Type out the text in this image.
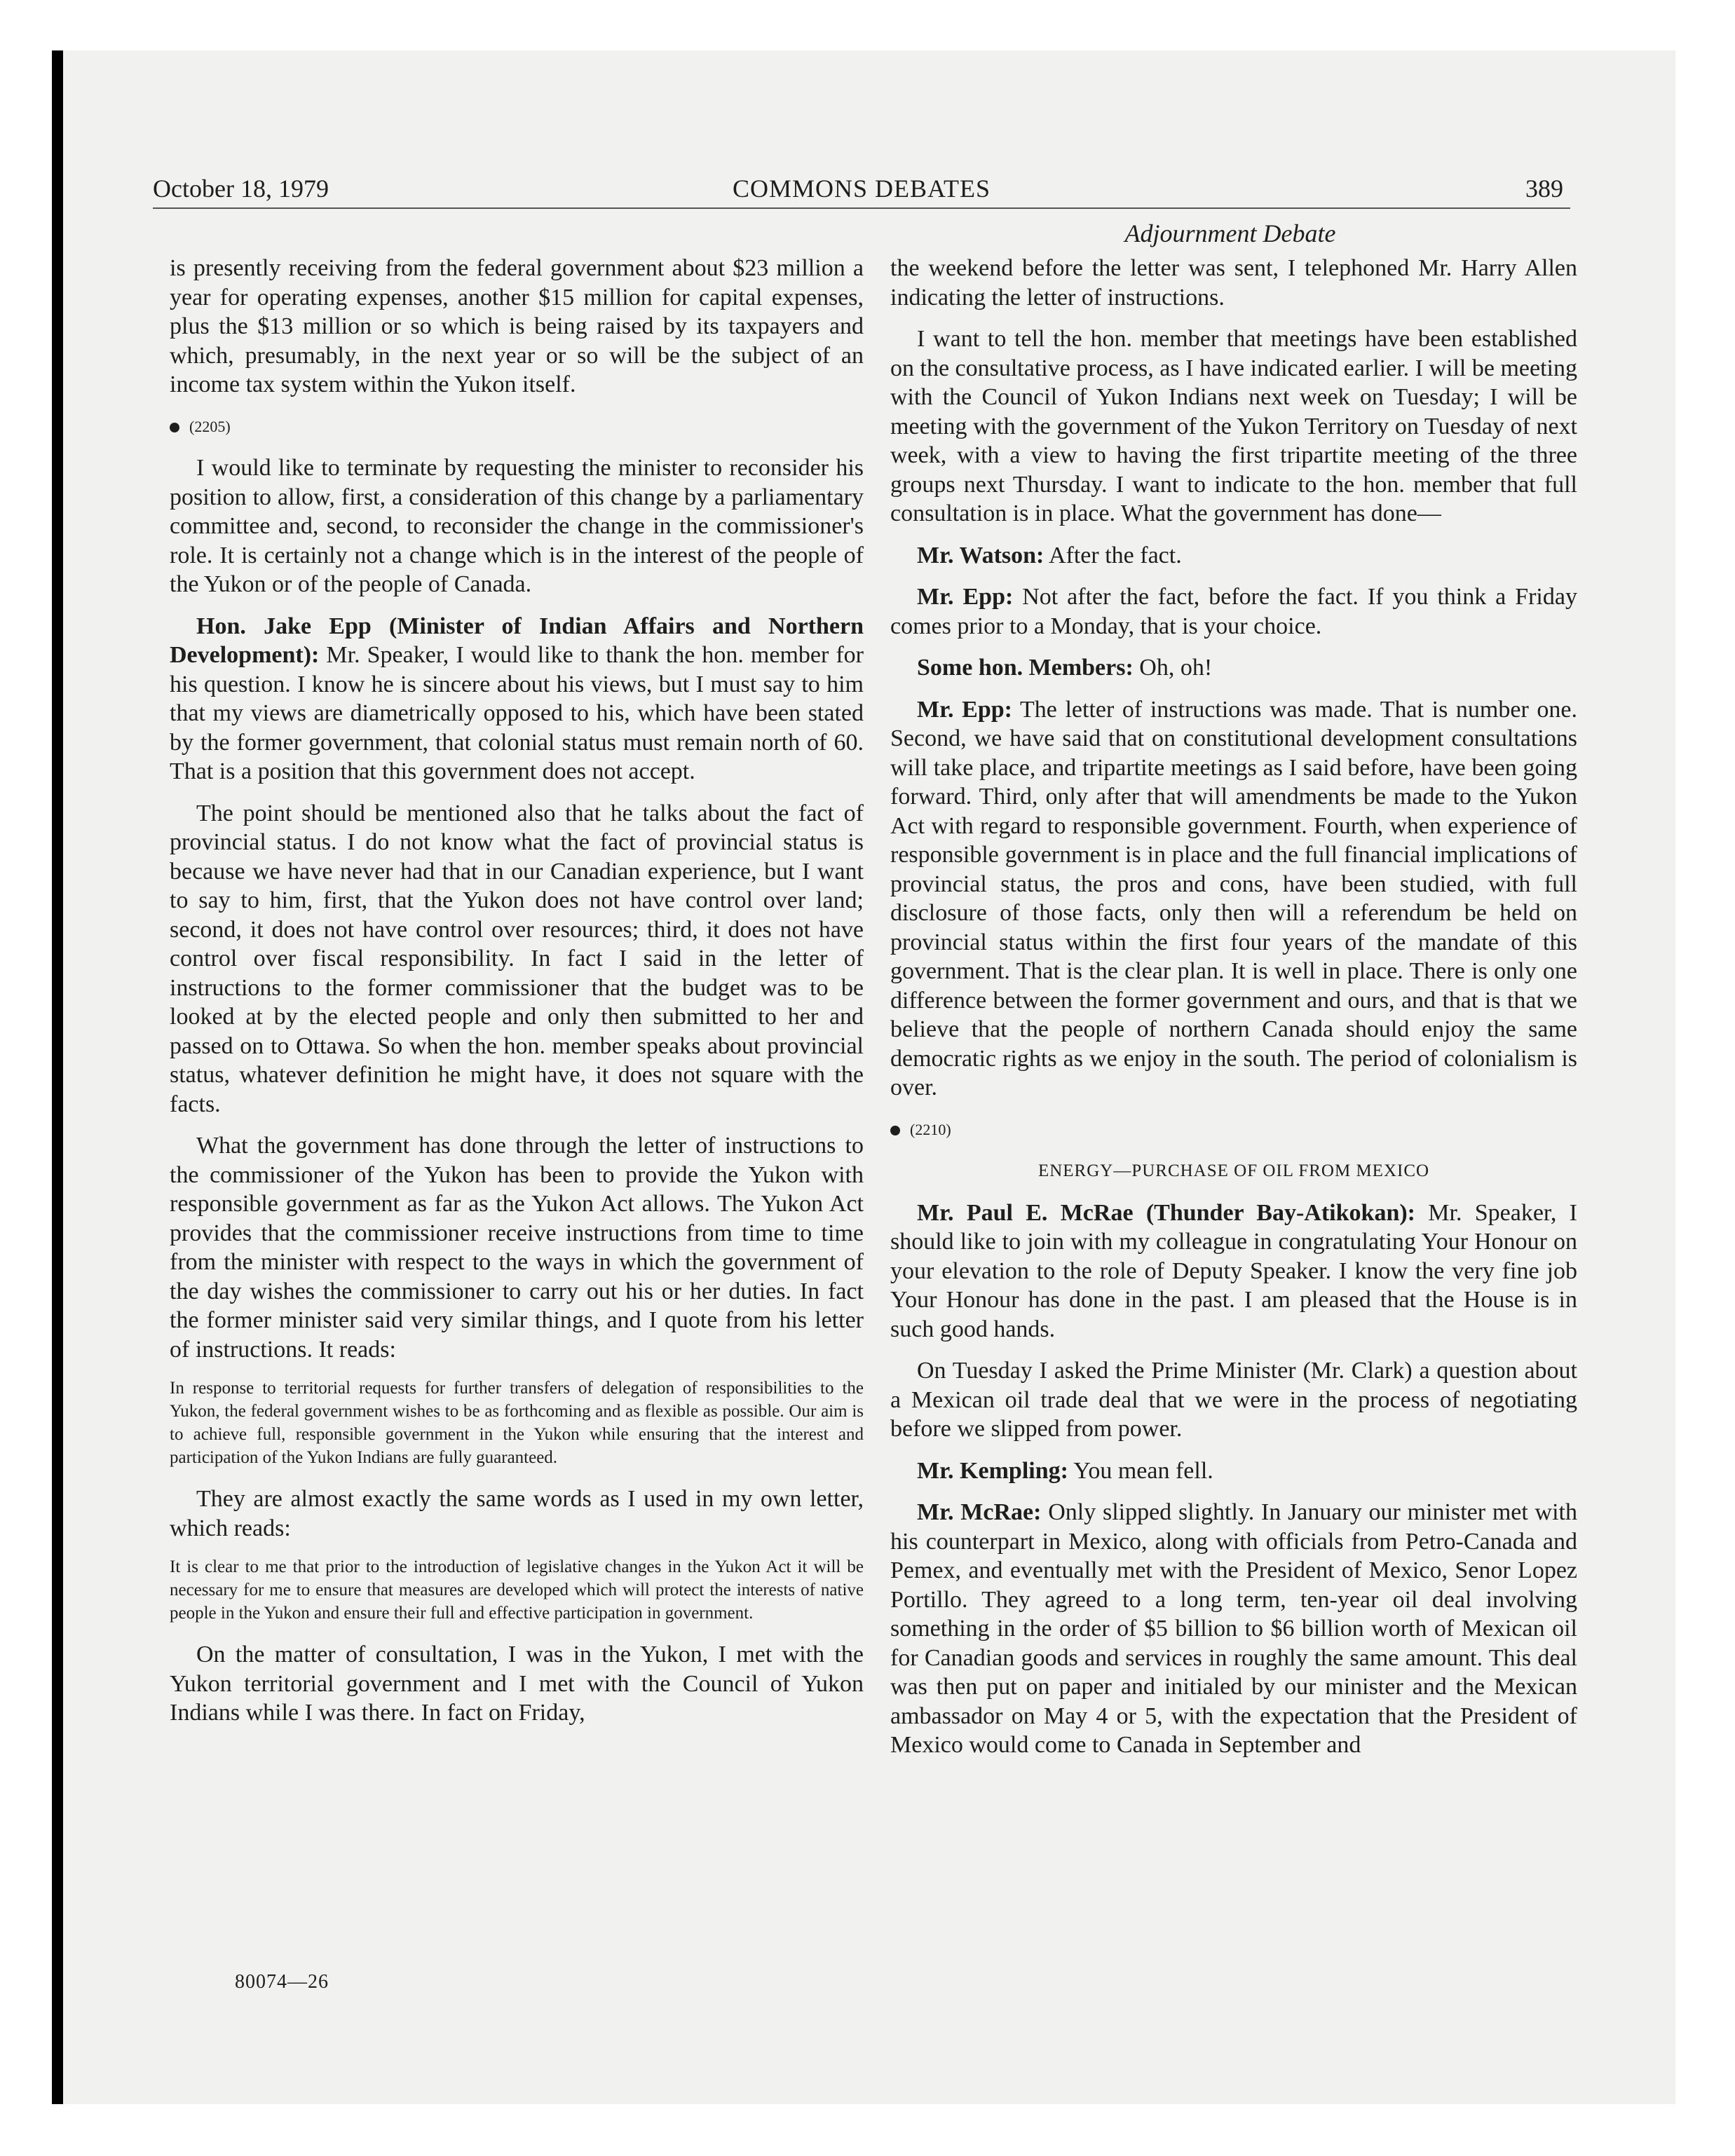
October 18, 1979	COMMONS DEBATES	389
Adjournment Debate

is presently receiving from the federal government about $23 million a year for operating expenses, another $15 million for capital expenses, plus the $13 million or so which is being raised by its taxpayers and which, presumably, in the next year or so will be the subject of an income tax system within the Yukon itself.

(2205)

I would like to terminate by requesting the minister to reconsider his position to allow, first, a consideration of this change by a parliamentary committee and, second, to reconsider the change in the commissioner's role. It is certainly not a change which is in the interest of the people of the Yukon or of the people of Canada.

Hon. Jake Epp (Minister of Indian Affairs and Northern Development): Mr. Speaker, I would like to thank the hon. member for his question. I know he is sincere about his views, but I must say to him that my views are diametrically opposed to his, which have been stated by the former government, that colonial status must remain north of 60. That is a position that this government does not accept.

The point should be mentioned also that he talks about the fact of provincial status. I do not know what the fact of provincial status is because we have never had that in our Canadian experience, but I want to say to him, first, that the Yukon does not have control over land; second, it does not have control over resources; third, it does not have control over fiscal responsibility. In fact I said in the letter of instructions to the former commissioner that the budget was to be looked at by the elected people and only then submitted to her and passed on to Ottawa. So when the hon. member speaks about provincial status, whatever definition he might have, it does not square with the facts.

What the government has done through the letter of instructions to the commissioner of the Yukon has been to provide the Yukon with responsible government as far as the Yukon Act allows. The Yukon Act provides that the commissioner receive instructions from time to time from the minister with respect to the ways in which the government of the day wishes the commissioner to carry out his or her duties. In fact the former minister said very similar things, and I quote from his letter of instructions. It reads:

In response to territorial requests for further transfers of delegation of responsibilities to the Yukon, the federal government wishes to be as forthcoming and as flexible as possible. Our aim is to achieve full, responsible government in the Yukon while ensuring that the interest and participation of the Yukon Indians are fully guaranteed.

They are almost exactly the same words as I used in my own letter, which reads:

It is clear to me that prior to the introduction of legislative changes in the Yukon Act it will be necessary for me to ensure that measures are developed which will protect the interests of native people in the Yukon and ensure their full and effective participation in government.

On the matter of consultation, I was in the Yukon, I met with the Yukon territorial government and I met with the Council of Yukon Indians while I was there. In fact on Friday,

the weekend before the letter was sent, I telephoned Mr. Harry Allen indicating the letter of instructions.

I want to tell the hon. member that meetings have been established on the consultative process, as I have indicated earlier. I will be meeting with the Council of Yukon Indians next week on Tuesday; I will be meeting with the government of the Yukon Territory on Tuesday of next week, with a view to having the first tripartite meeting of the three groups next Thursday. I want to indicate to the hon. member that full consultation is in place. What the government has done—

Mr. Watson: After the fact.

Mr. Epp: Not after the fact, before the fact. If you think a Friday comes prior to a Monday, that is your choice.

Some hon. Members: Oh, oh!

Mr. Epp: The letter of instructions was made. That is number one. Second, we have said that on constitutional development consultations will take place, and tripartite meetings as I said before, have been going forward. Third, only after that will amendments be made to the Yukon Act with regard to responsible government. Fourth, when experience of responsible government is in place and the full financial implications of provincial status, the pros and cons, have been studied, with full disclosure of those facts, only then will a referendum be held on provincial status within the first four years of the mandate of this government. That is the clear plan. It is well in place. There is only one difference between the former government and ours, and that is that we believe that the people of northern Canada should enjoy the same democratic rights as we enjoy in the south. The period of colonialism is over.

(2210)

ENERGY—PURCHASE OF OIL FROM MEXICO

Mr. Paul E. McRae (Thunder Bay-Atikokan): Mr. Speaker, I should like to join with my colleague in congratulating Your Honour on your elevation to the role of Deputy Speaker. I know the very fine job Your Honour has done in the past. I am pleased that the House is in such good hands.

On Tuesday I asked the Prime Minister (Mr. Clark) a question about a Mexican oil trade deal that we were in the process of negotiating before we slipped from power.

Mr. Kempling: You mean fell.

Mr. McRae: Only slipped slightly. In January our minister met with his counterpart in Mexico, along with officials from Petro-Canada and Pemex, and eventually met with the President of Mexico, Senor Lopez Portillo. They agreed to a long term, ten-year oil deal involving something in the order of $5 billion to $6 billion worth of Mexican oil for Canadian goods and services in roughly the same amount. This deal was then put on paper and initialed by our minister and the Mexican ambassador on May 4 or 5, with the expectation that the President of Mexico would come to Canada in September and

80074—26
